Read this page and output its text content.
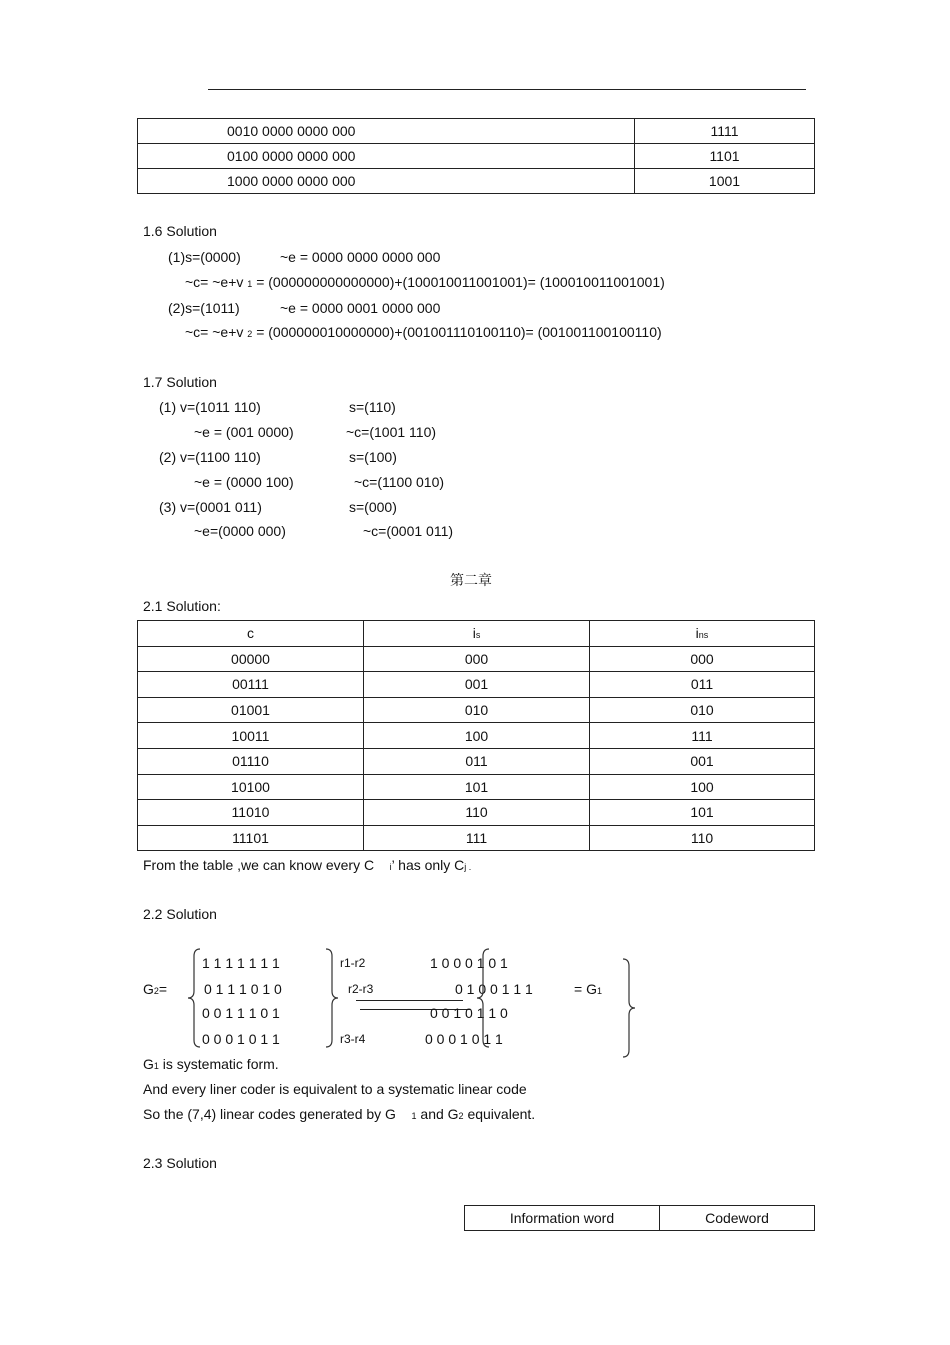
0010 0000 0000 000	1111
0100 0000 0000 000	1101
1000 0000 0000 000	1001
1.6 Solution
(1)s=(0000)	~e = 0000 0000 0000 000
~c= ~e+v 1 = (000000000000000)+(100010011001001)= (100010011001001)
(2)s=(1011)	~e = 0000 0001 0000 000
~c= ~e+v 2 = (000000010000000)+(001001110100110)= (001001100100110)
1.7 Solution
(1) v=(1011 110)	s=(110)
~e = (001 0000)	~c=(1001 110)
(2) v=(1100 110)	s=(100)
~e = (0000 100)	~c=(1100 010)
(3) v=(0001 011)	s=(000)
~e=(0000 000)	~c=(0001 011)
第二章
2.1 Solution:
c	is	ins
00000	000	000
00111	001	011
01001	010	010
10011	100	111
01110	011	001
10100	101	100
11010	110	101
11101	111	110
From the table ,we can know every C i’ has only Cj .
2.2 Solution
G2=
1 1 1 1 1 1 1
0 1 1 1 0 1 0
0 0 1 1 1 0 1
0 0 0 1 0 1 1
r1-r2
r2-r3
r3-r4
1 0 0 0 1 0 1
0 1 0 0 1 1 1
0 0 1 0 1 1 0
0 0 0 1 0 1 1
= G1
G1 is systematic form.
And every liner coder is equivalent to a systematic linear code
So the (7,4) linear codes generated by G 1 and G2 equivalent.
2.3 Solution
Information word	Codeword
